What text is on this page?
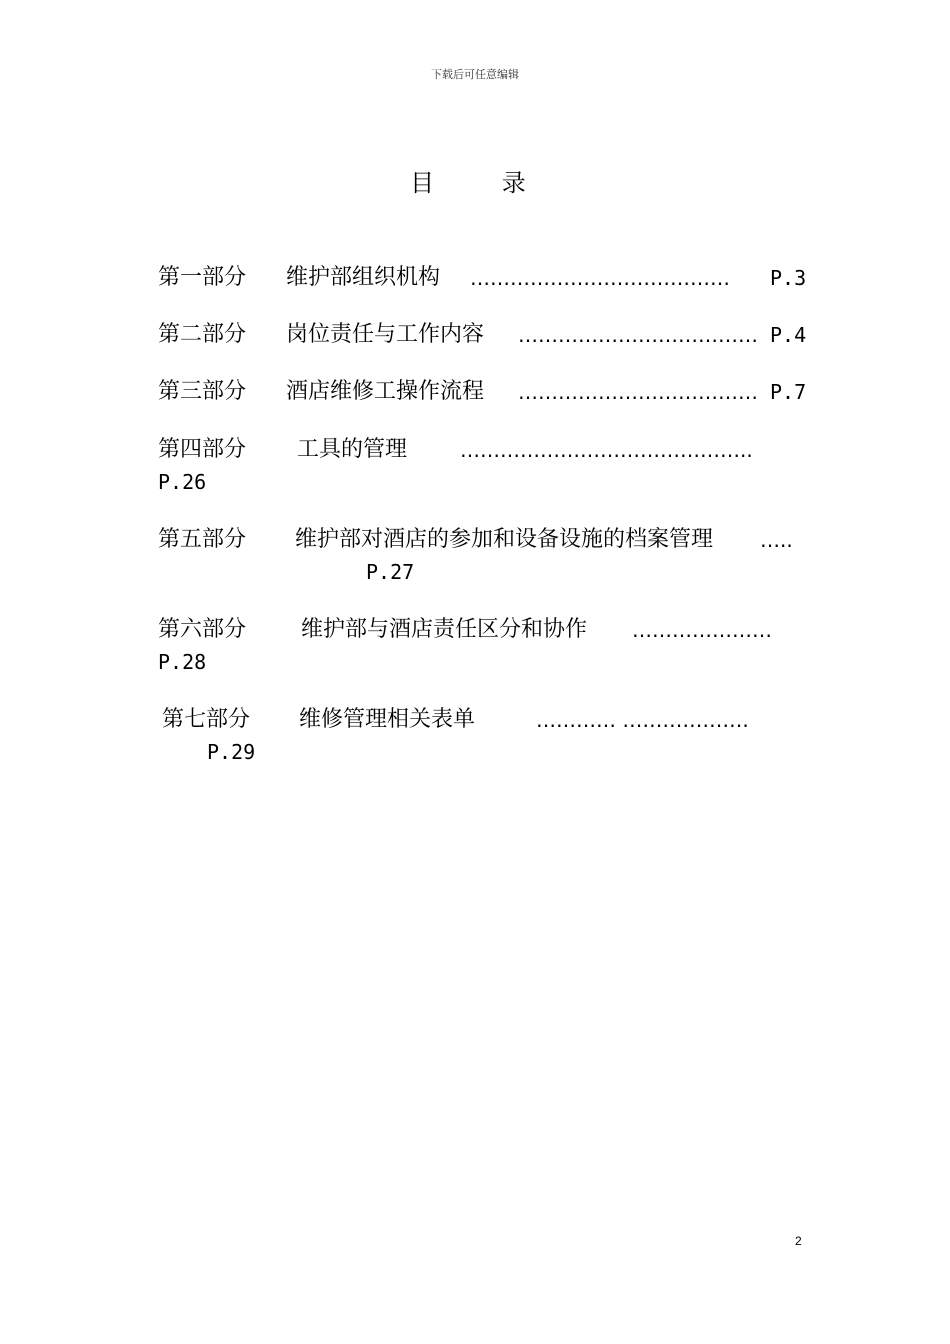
下载后可任意编辑
目 录
第一部分 维护部组织机构 ………………………………… P.3
第二部分 岗位责任与工作内容 ……………………………… P.4
第三部分 酒店维修工操作流程 ……………………………… P.7
第四部分 工具的管理	……………………………………..
P.26
第五部分 维护部对酒店的参加和设备设施的档案管理 …..
P.27
第六部分 维护部与酒店责任区分和协作 …………………
P.28
第七部分 维修管理相关表单	………… ……………….
P.29
2
